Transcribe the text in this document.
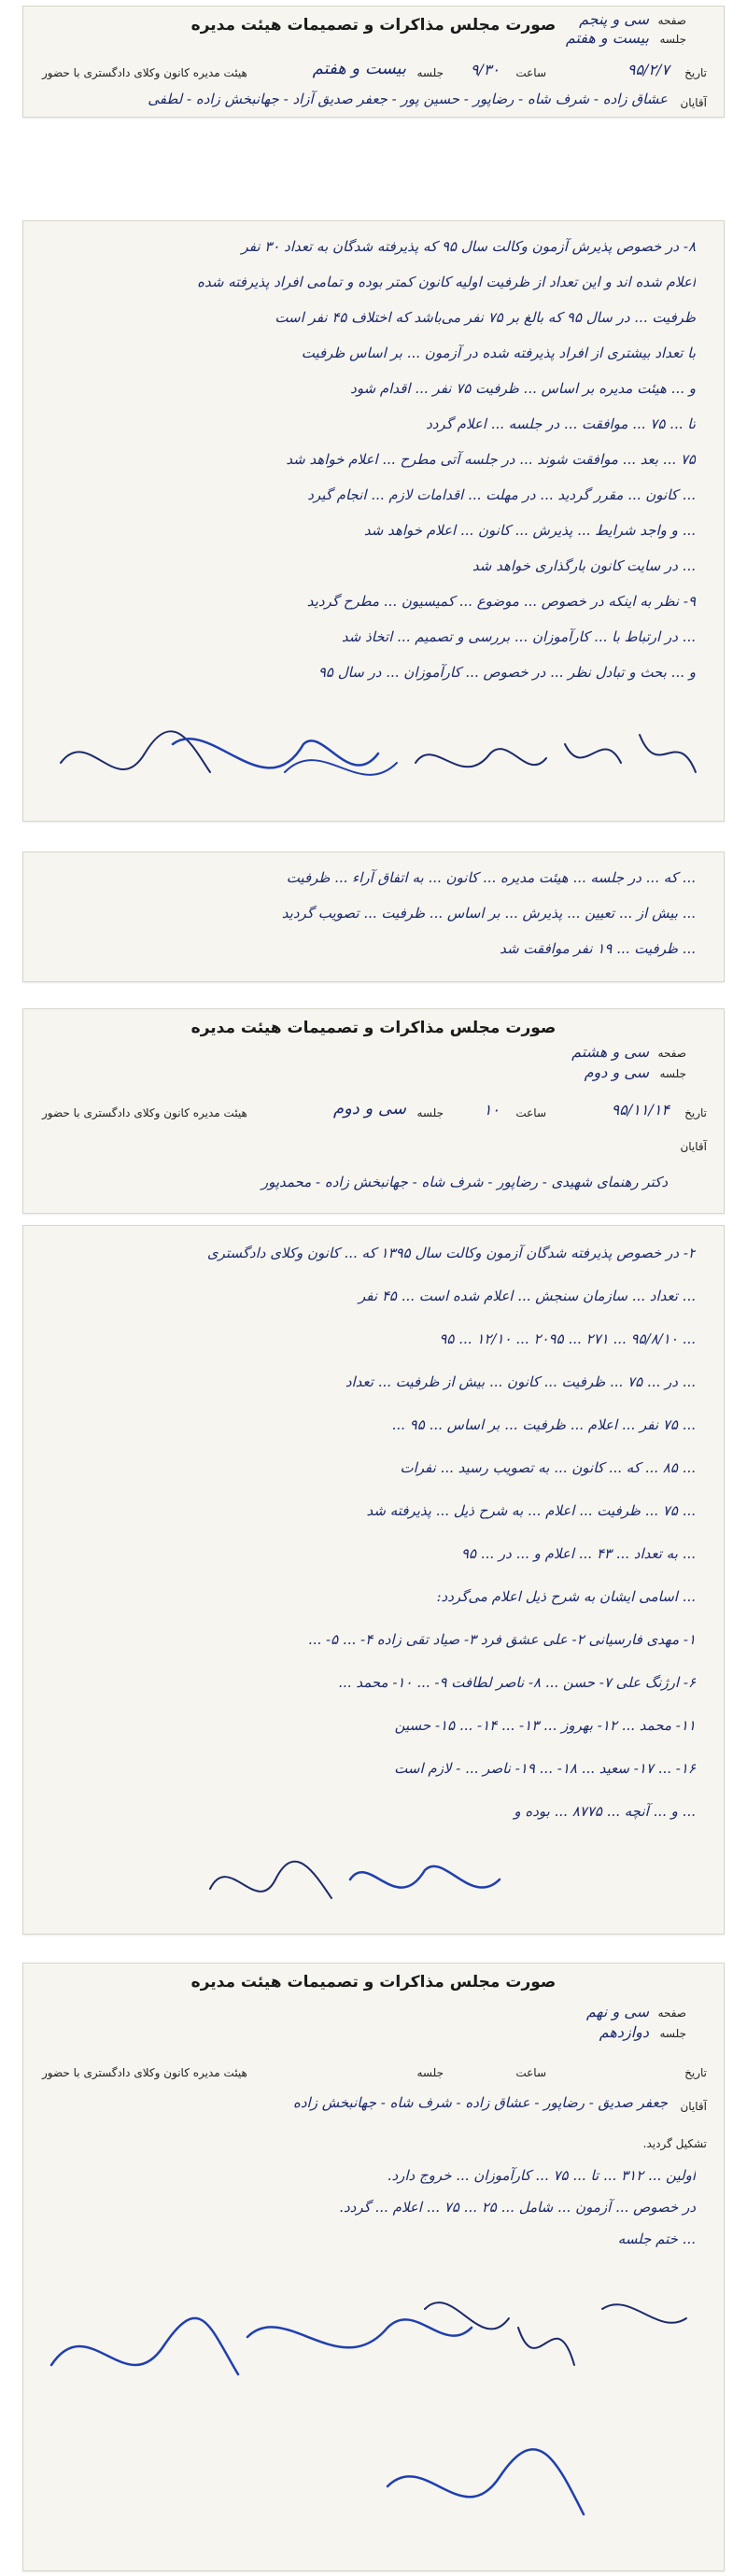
صفحه
سی و پنجم
جلسه
بیست و هفتم
صورت مجلس مذاکرات و تصمیمات هیئت مدیره
تاریخ
۹۵/۲/۷
ساعت
۹/۳۰
جلسه
بیست و هفتم
هیئت مدیره کانون وکلای دادگستری با حضور
آقایان
عشاق زاده - شرف شاه - رضاپور - حسین پور - جعفر صدیق آزاد - جهانبخش زاده - لطفی
۸- در خصوص پذیرش آزمون وکالت سال ۹۵ که پذیرفته شدگان به تعداد ۳۰ نفر
اعلام شده اند و این تعداد از ظرفیت اولیه کانون کمتر بوده و تمامی افراد پذیرفته شده
ظرفیت ... در سال ۹۵ که بالغ بر ۷۵ نفر می‌باشد که اختلاف ۴۵ نفر است
با تعداد بیشتری از افراد پذیرفته شده در آزمون ... بر اساس ظرفیت
و ... هیئت مدیره بر اساس ... ظرفیت ۷۵ نفر ... اقدام شود
تا ... ۷۵ ... موافقت ... در جلسه ... اعلام گردد
۷۵ ... بعد ... موافقت شوند ... در جلسه آتی مطرح ... اعلام خواهد شد
... کانون ... مقرر گردید ... در مهلت ... اقدامات لازم ... انجام گیرد
... و واجد شرایط ... پذیرش ... کانون ... اعلام خواهد شد
... در سایت کانون بارگذاری خواهد شد
۹- نظر به اینکه در خصوص ... موضوع ... کمیسیون ... مطرح گردید
... در ارتباط با ... کارآموزان ... بررسی و تصمیم ... اتخاذ شد
و ... بحث و تبادل نظر ... در خصوص ... کارآموزان ... در سال ۹۵
... که ... در جلسه ... هیئت مدیره ... کانون ... به اتفاق آراء ... ظرفیت
... بیش از ... تعیین ... پذیرش ... بر اساس ... ظرفیت ... تصویب گردید
... ظرفیت ... ۱۹ نفر موافقت شد
صورت مجلس مذاکرات و تصمیمات هیئت مدیره
صفحه
سی و هشتم
جلسه
سی و دوم
تاریخ
۹۵/۱۱/۱۴
ساعت
۱۰
جلسه
سی و دوم
هیئت مدیره کانون وکلای دادگستری با حضور
آقایان
دکتر رهنمای شهیدی - رضاپور - شرف شاه - جهانبخش زاده - محمدپور
۲- در خصوص پذیرفته شدگان آزمون وکالت سال ۱۳۹۵ که ... کانون وکلای دادگستری
... تعداد ... سازمان سنجش ... اعلام شده است ... ۴۵ نفر
... ۹۵/۸/۱۰ ... ۲۷۱ ... ۲۰۹۵ ... ۱۲/۱۰ ... ۹۵
... در ... ۷۵ ... ظرفیت ... کانون ... بیش از ظرفیت ... تعداد
... ۷۵ نفر ... اعلام ... ظرفیت ... بر اساس ... ۹۵ ...
... ۸۵ ... که ... کانون ... به تصویب رسید ... نفرات
... ۷۵ ... ظرفیت ... اعلام ... به شرح ذیل ... پذیرفته شد
... به تعداد ... ۴۳ ... اعلام و ... در ... ۹۵
... اسامی ایشان به شرح ذیل اعلام می‌گردد:
۱- مهدی فارسیانی ۲- علی عشق فرد ۳- صیاد تقی زاده ۴- ... ۵- ...
۶- ارژنگ علی ۷- حسن ... ۸- ناصر لطافت ۹- ... ۱۰- محمد ...
۱۱- محمد ... ۱۲- بهروز ... ۱۳- ... ۱۴- ... ۱۵- حسین
۱۶- ... ۱۷- سعید ... ۱۸- ... ۱۹- ناصر ... - لازم است
... و ... آنچه ... ۸۷۷۵ ... بوده و
صورت مجلس مذاکرات و تصمیمات هیئت مدیره
صفحه
سی و نهم
جلسه
دوازدهم
تاریخ
ساعت
جلسه
هیئت مدیره کانون وکلای دادگستری با حضور
آقایان
جعفر صدیق - رضاپور - عشاق زاده - شرف شاه - جهانبخش زاده
تشکیل گردید.
اولین ... ۳۱۲ ... تا ... ۷۵ ... کارآموزان ... خروج دارد.
در خصوص ... آزمون ... شامل ... ۲۵ ... ۷۵ ... اعلام ... گردد.
... ختم جلسه
